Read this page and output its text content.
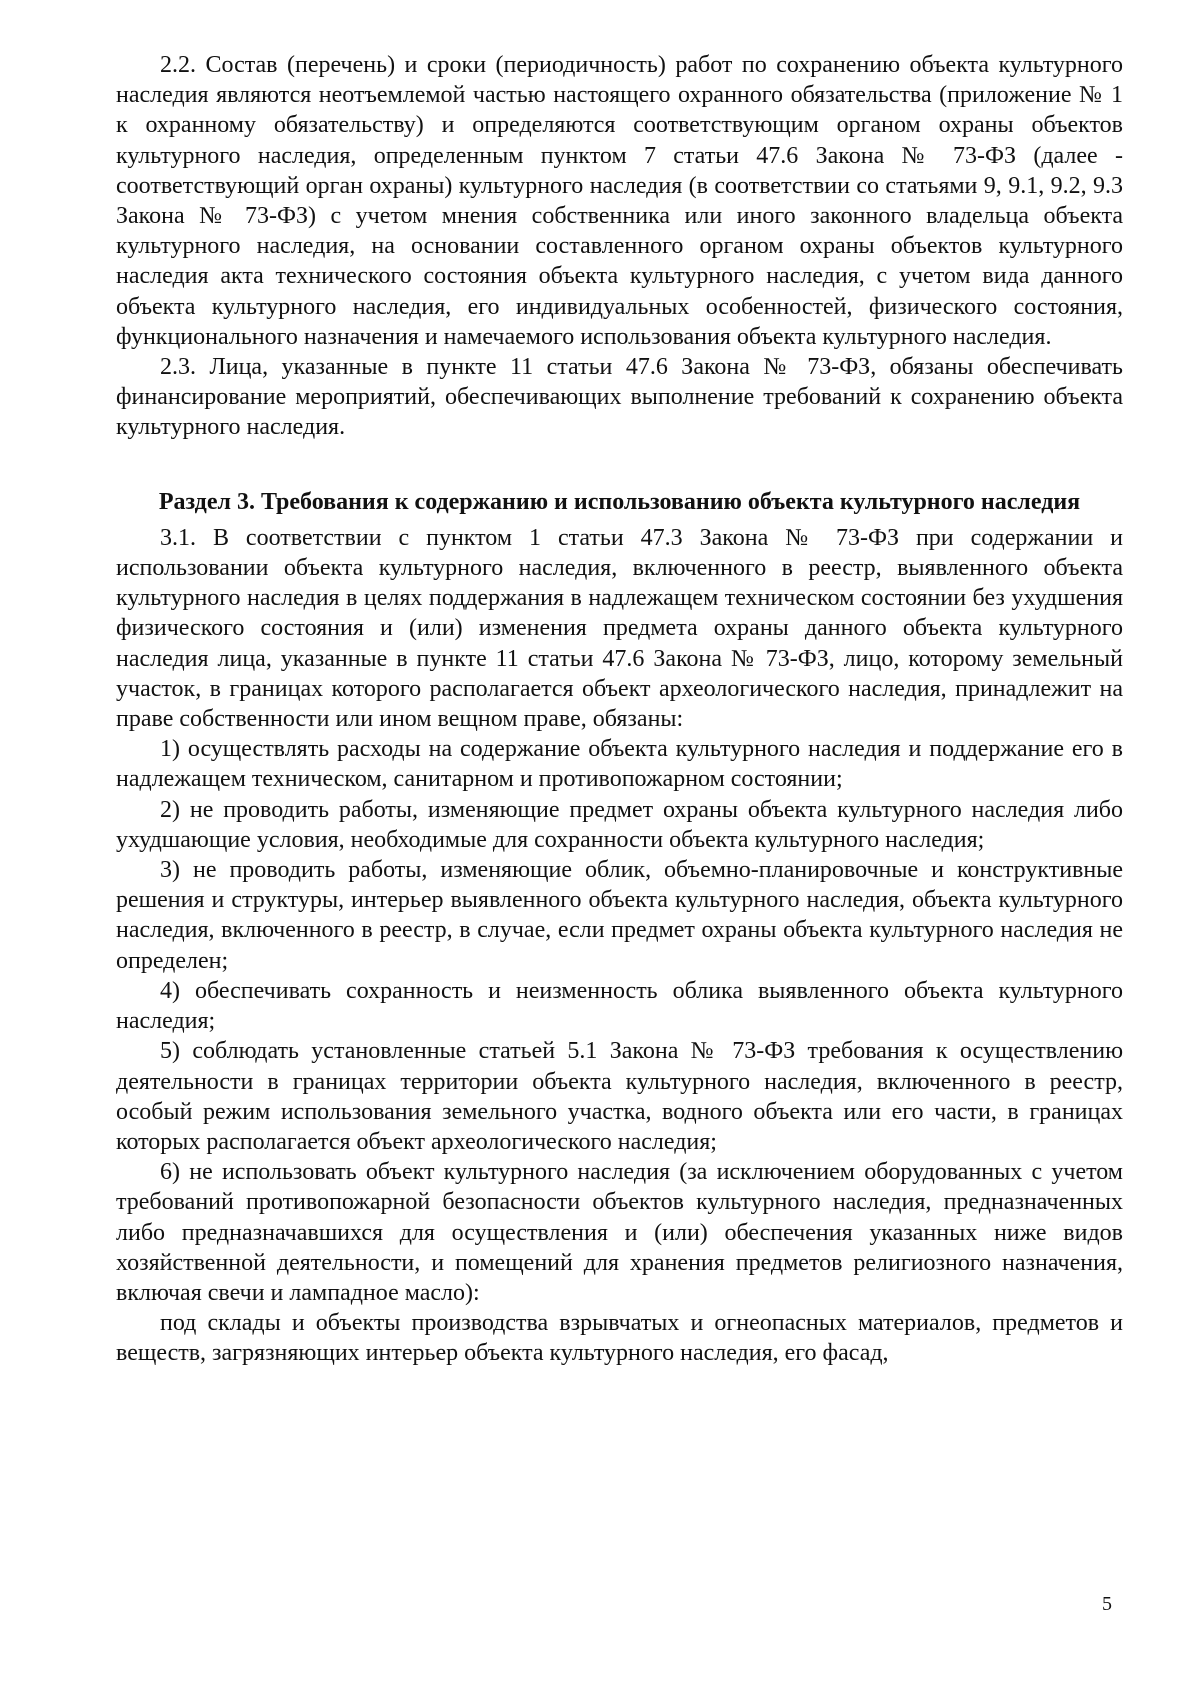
2.2. Состав (перечень) и сроки (периодичность) работ по сохранению объекта культурного наследия являются неотъемлемой частью настоящего охранного обязательства (приложение № 1 к охранному обязательству) и определяются соответствующим органом охраны объектов культурного наследия, определенным пунктом 7 статьи 47.6 Закона № 73-ФЗ (далее - соответствующий орган охраны) культурного наследия (в соответствии со статьями 9, 9.1, 9.2, 9.3 Закона № 73-ФЗ) с учетом мнения собственника или иного законного владельца объекта культурного наследия, на основании составленного органом охраны объектов культурного наследия акта технического состояния объекта культурного наследия, с учетом вида данного объекта культурного наследия, его индивидуальных особенностей, физического состояния, функционального назначения и намечаемого использования объекта культурного наследия.

2.3. Лица, указанные в пункте 11 статьи 47.6 Закона № 73-ФЗ, обязаны обеспечивать финансирование мероприятий, обеспечивающих выполнение требований к сохранению объекта культурного наследия.

Раздел 3. Требования к содержанию и использованию объекта культурного наследия

3.1. В соответствии с пунктом 1 статьи 47.3 Закона № 73-ФЗ при содержании и использовании объекта культурного наследия, включенного в реестр, выявленного объекта культурного наследия в целях поддержания в надлежащем техническом состоянии без ухудшения физического состояния и (или) изменения предмета охраны данного объекта культурного наследия лица, указанные в пункте 11 статьи 47.6 Закона № 73-ФЗ, лицо, которому земельный участок, в границах которого располагается объект археологического наследия, принадлежит на праве собственности или ином вещном праве, обязаны:

1) осуществлять расходы на содержание объекта культурного наследия и поддержание его в надлежащем техническом, санитарном и противопожарном состоянии;

2) не проводить работы, изменяющие предмет охраны объекта культурного наследия либо ухудшающие условия, необходимые для сохранности объекта культурного наследия;

3) не проводить работы, изменяющие облик, объемно-планировочные и конструктивные решения и структуры, интерьер выявленного объекта культурного наследия, объекта культурного наследия, включенного в реестр, в случае, если предмет охраны объекта культурного наследия не определен;

4) обеспечивать сохранность и неизменность облика выявленного объекта культурного наследия;

5) соблюдать установленные статьей 5.1 Закона № 73-ФЗ требования к осуществлению деятельности в границах территории объекта культурного наследия, включенного в реестр, особый режим использования земельного участка, водного объекта или его части, в границах которых располагается объект археологического наследия;

6) не использовать объект культурного наследия (за исключением оборудованных с учетом требований противопожарной безопасности объектов культурного наследия, предназначенных либо предназначавшихся для осуществления и (или) обеспечения указанных ниже видов хозяйственной деятельности, и помещений для хранения предметов религиозного назначения, включая свечи и лампадное масло):

под склады и объекты производства взрывчатых и огнеопасных материалов, предметов и веществ, загрязняющих интерьер объекта культурного наследия, его фасад,

5
